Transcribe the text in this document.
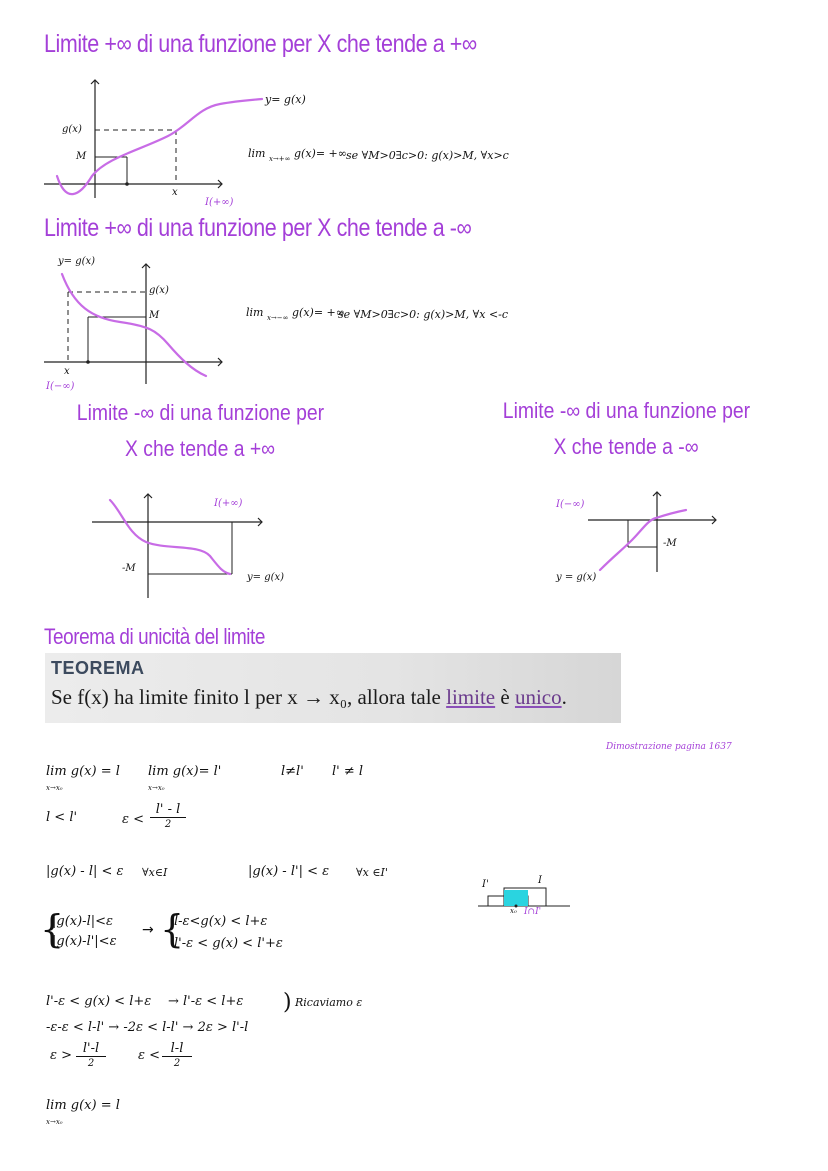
Limite +∞ di una funzione per X che tende a +∞
g(x)
M
x
I(+∞)
y= g(x)
lim $_{x\to+\infty}$ g(x)= +∞ se ∀M>0∃c>0: g(x)>M, ∀x>c
Limite +∞ di una funzione per X che tende a -∞
y= g(x)
g(x)
M
x
I(−∞)
lim $_{x\to-\infty}$ g(x)= +∞
se ∀M>0∃c>0: g(x)>M, ∀x <-c
Limite -∞ di una funzione per
X che tende a +∞
I(+∞)
-M
y= g(x)
Limite -∞ di una funzione per
X che tende a -∞
I(−∞)
-M
y = g(x)
Teorema di unicità del limite
TEOREMA
Se f(x) ha limite finito l per x → x₀, allora tale limite è unico.
Dimostrazione pagina 1637
lim g(x) = l
x→x₀
lim g(x)= l'
x→x₀
l≠l' l' ≠ l
l < l'	ε <
l' - l
2
|g(x) - l| < ε ∀x∈I	|g(x) - l'| < ε ∀x ∈I'
I'	I
x₀ I∩I'
{
|g(x)-l|<ε
|g(x)-l'|<ε
→ {
l-ε<g(x) < l+ε
l'-ε < g(x) < l'+ε
l'-ε < g(x) < l+ε → l'-ε < l+ε ) Ricaviamo ε
-ε-ε < l-l' → -2ε < l-l' → 2ε > l'-l
ε > l'-l
2
ε < l-l
2
lim g(x) = l
x→x₀
